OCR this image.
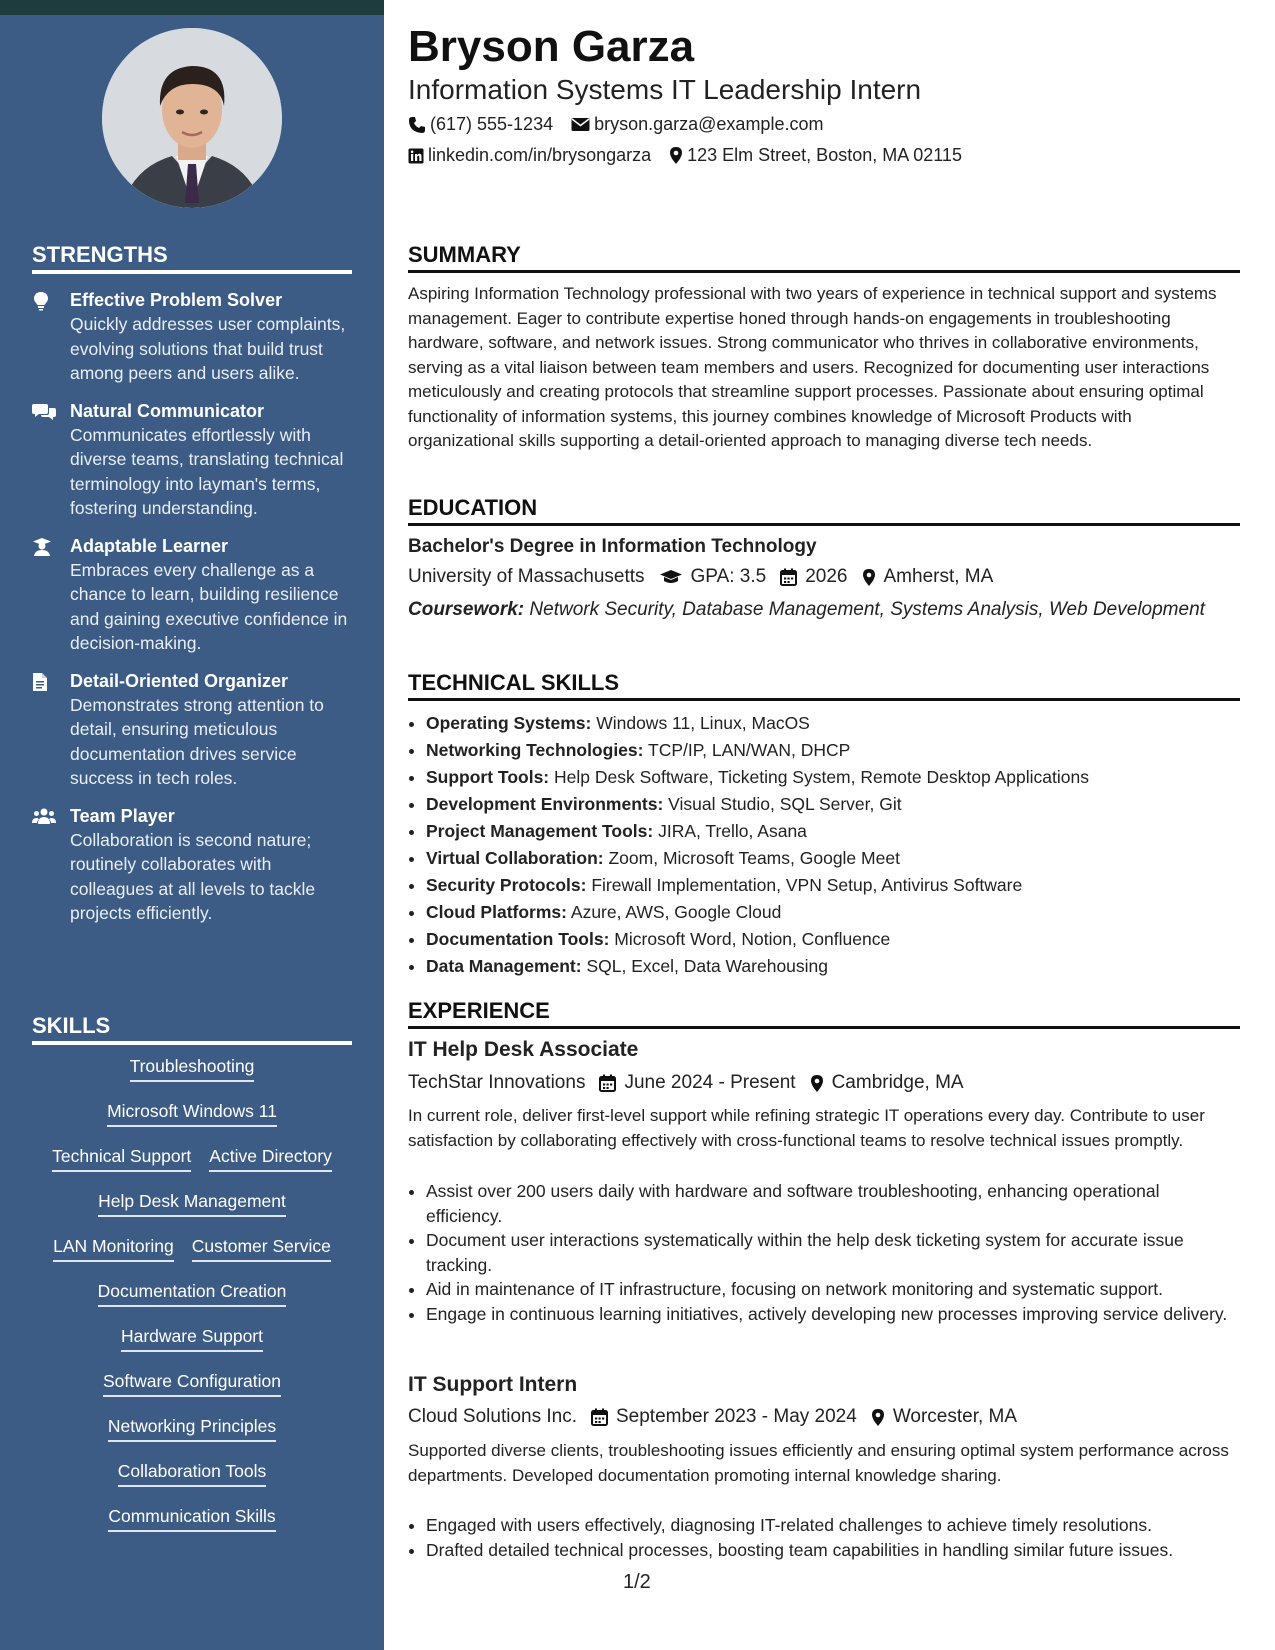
STRENGTHS
Effective Problem Solver
Quickly addresses user complaints, evolving solutions that build trust among peers and users alike.
Natural Communicator
Communicates effortlessly with diverse teams, translating technical terminology into layman's terms, fostering understanding.
Adaptable Learner
Embraces every challenge as a chance to learn, building resilience and gaining executive confidence in decision-making.
Detail-Oriented Organizer
Demonstrates strong attention to detail, ensuring meticulous documentation drives service success in tech roles.
Team Player
Collaboration is second nature; routinely collaborates with colleagues at all levels to tackle projects efficiently.
SKILLS
Troubleshooting
Microsoft Windows 11
Technical Support Active Directory
Help Desk Management
LAN Monitoring Customer Service
Documentation Creation
Hardware Support
Software Configuration
Networking Principles
Collaboration Tools
Communication Skills
Bryson Garza
Information Systems IT Leadership Intern
(617) 555-1234 bryson.garza@example.com
linkedin.com/in/brysongarza 123 Elm Street, Boston, MA 02115
SUMMARY
Aspiring Information Technology professional with two years of experience in technical support and systems management. Eager to contribute expertise honed through hands-on engagements in troubleshooting hardware, software, and network issues. Strong communicator who thrives in collaborative environments, serving as a vital liaison between team members and users. Recognized for documenting user interactions meticulously and creating protocols that streamline support processes. Passionate about ensuring optimal functionality of information systems, this journey combines knowledge of Microsoft Products with organizational skills supporting a detail-oriented approach to managing diverse tech needs.
EDUCATION
Bachelor's Degree in Information Technology
University of Massachusetts GPA: 3.5 2026 Amherst, MA
Coursework: Network Security, Database Management, Systems Analysis, Web Development
TECHNICAL SKILLS
• Operating Systems: Windows 11, Linux, MacOS
• Networking Technologies: TCP/IP, LAN/WAN, DHCP
• Support Tools: Help Desk Software, Ticketing System, Remote Desktop Applications
• Development Environments: Visual Studio, SQL Server, Git
• Project Management Tools: JIRA, Trello, Asana
• Virtual Collaboration: Zoom, Microsoft Teams, Google Meet
• Security Protocols: Firewall Implementation, VPN Setup, Antivirus Software
• Cloud Platforms: Azure, AWS, Google Cloud
• Documentation Tools: Microsoft Word, Notion, Confluence
• Data Management: SQL, Excel, Data Warehousing
EXPERIENCE
IT Help Desk Associate
TechStar Innovations June 2024 - Present Cambridge, MA
In current role, deliver first-level support while refining strategic IT operations every day. Contribute to user satisfaction by collaborating effectively with cross-functional teams to resolve technical issues promptly.
• Assist over 200 users daily with hardware and software troubleshooting, enhancing operational efficiency.
• Document user interactions systematically within the help desk ticketing system for accurate issue tracking.
• Aid in maintenance of IT infrastructure, focusing on network monitoring and systematic support.
• Engage in continuous learning initiatives, actively developing new processes improving service delivery.
IT Support Intern
Cloud Solutions Inc. September 2023 - May 2024 Worcester, MA
Supported diverse clients, troubleshooting issues efficiently and ensuring optimal system performance across departments. Developed documentation promoting internal knowledge sharing.
• Engaged with users effectively, diagnosing IT-related challenges to achieve timely resolutions.
• Drafted detailed technical processes, boosting team capabilities in handling similar future issues.
1/2
